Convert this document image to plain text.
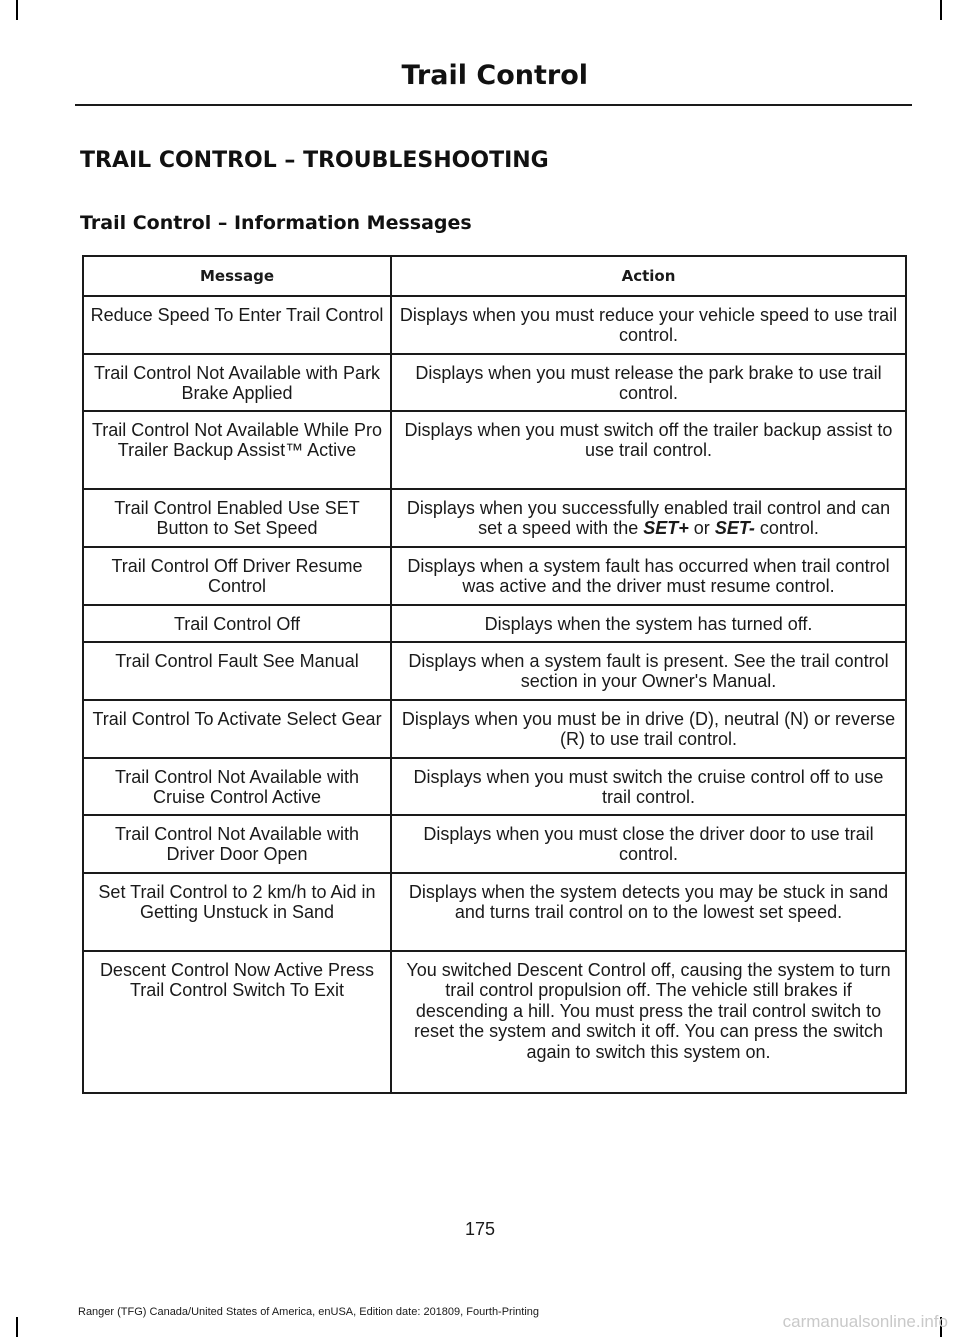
Trail Control
TRAIL CONTROL – TROUBLESHOOTING
Trail Control – Information Messages
Message	Action
Reduce Speed To Enter Trail Control	Displays when you must reduce your vehicle speed to use trail control.
Trail Control Not Available with Park Brake Applied	Displays when you must release the park brake to use trail control.
Trail Control Not Available While Pro Trailer Backup Assist™ Active	Displays when you must switch off the trailer backup assist to use trail control.
Trail Control Enabled Use SET Button to Set Speed	Displays when you successfully enabled trail control and can set a speed with the SET+ or SET- control.
Trail Control Off Driver Resume Control	Displays when a system fault has occurred when trail control was active and the driver must resume control.
Trail Control Off	Displays when the system has turned off.
Trail Control Fault See Manual	Displays when a system fault is present. See the trail control section in your Owner's Manual.
Trail Control To Activate Select Gear	Displays when you must be in drive (D), neutral (N) or reverse (R) to use trail control.
Trail Control Not Available with Cruise Control Active	Displays when you must switch the cruise control off to use trail control.
Trail Control Not Available with Driver Door Open	Displays when you must close the driver door to use trail control.
Set Trail Control to 2 km/h to Aid in Getting Unstuck in Sand	Displays when the system detects you may be stuck in sand and turns trail control on to the lowest set speed.
Descent Control Now Active Press Trail Control Switch To Exit	You switched Descent Control off, causing the system to turn trail control propulsion off. The vehicle still brakes if descending a hill. You must press the trail control switch to reset the system and switch it off. You can press the switch again to switch this system on.
175
Ranger (TFG) Canada/United States of America, enUSA, Edition date: 201809, Fourth-Printing	carmanualsonline.info
